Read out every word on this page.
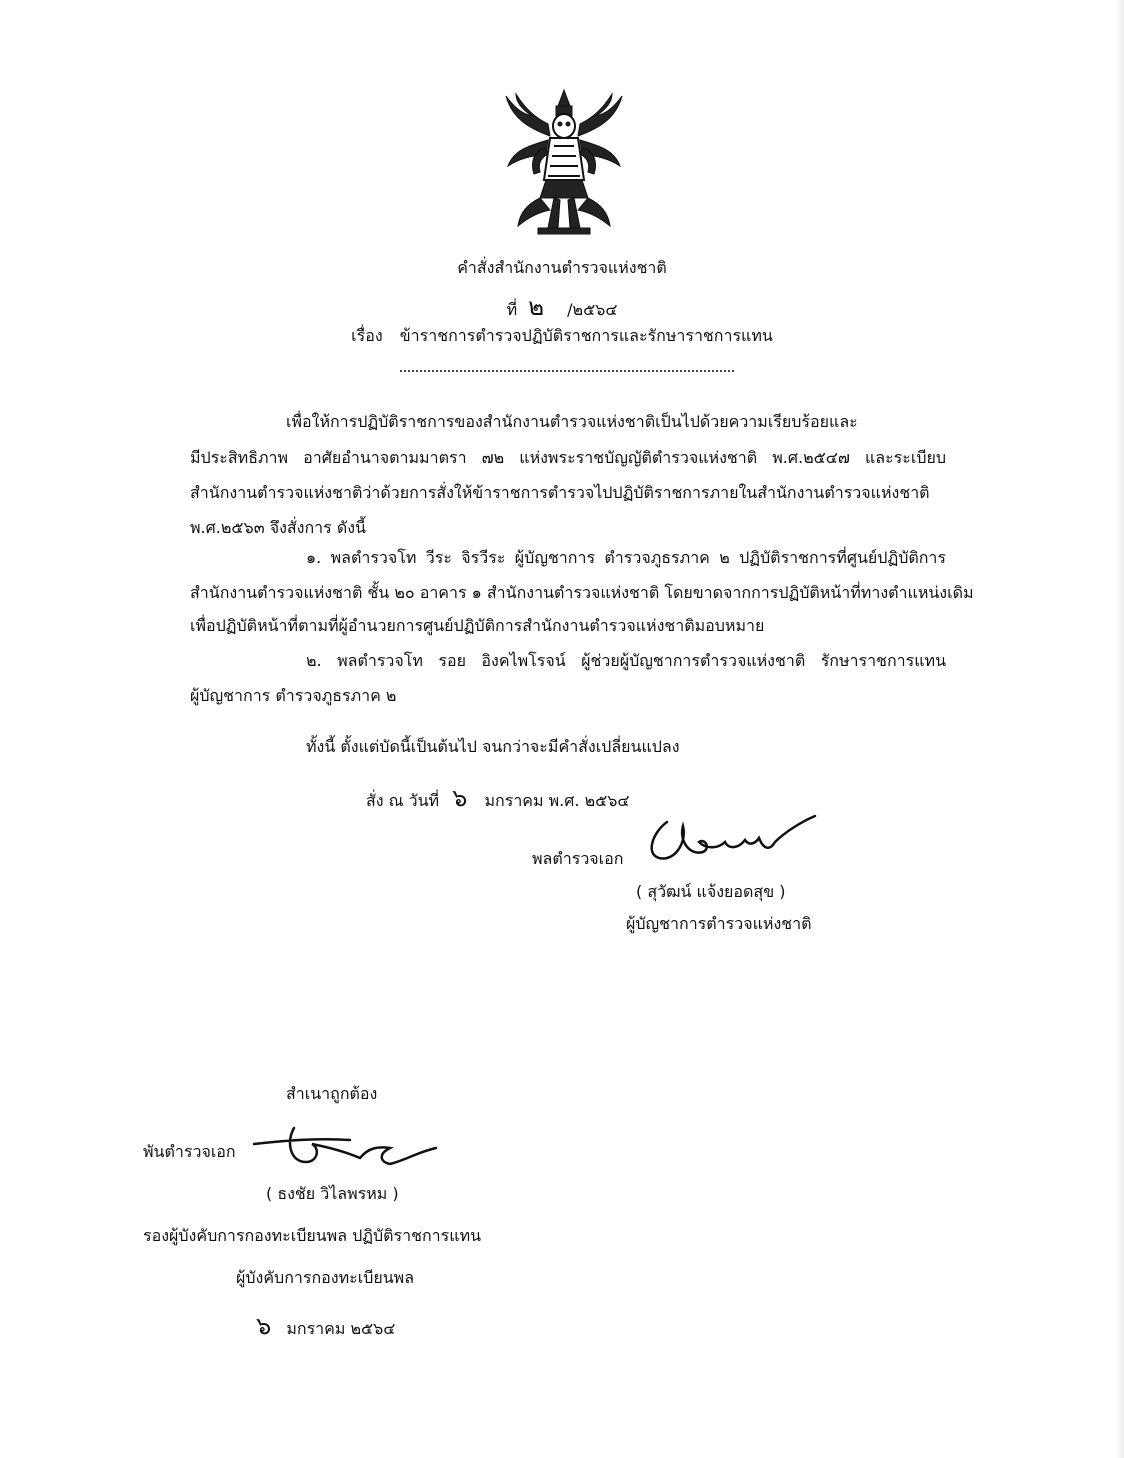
คำสั่งสำนักงานตำรวจแห่งชาติ
ที่ ๒ /๒๕๖๔
เรื่อง ข้าราชการตำรวจปฏิบัติราชการและรักษาราชการแทน
เพื่อให้การปฏิบัติราชการของสำนักงานตำรวจแห่งชาติเป็นไปด้วยความเรียบร้อยและ
มีประสิทธิภาพ อาศัยอำนาจตามมาตรา ๗๒ แห่งพระราชบัญญัติตำรวจแห่งชาติ พ.ศ.๒๕๔๗ และระเบียบ
สำนักงานตำรวจแห่งชาติว่าด้วยการสั่งให้ข้าราชการตำรวจไปปฏิบัติราชการภายในสำนักงานตำรวจแห่งชาติ
พ.ศ.๒๕๖๓ จึงสั่งการ ดังนี้
๑. พลตำรวจโท วีระ จิรวีระ ผู้บัญชาการ ตำรวจภูธรภาค ๒ ปฏิบัติราชการที่ศูนย์ปฏิบัติการ
สำนักงานตำรวจแห่งชาติ ชั้น ๒๐ อาคาร ๑ สำนักงานตำรวจแห่งชาติ โดยขาดจากการปฏิบัติหน้าที่ทางตำแหน่งเดิม
เพื่อปฏิบัติหน้าที่ตามที่ผู้อำนวยการศูนย์ปฏิบัติการสำนักงานตำรวจแห่งชาติมอบหมาย
๒. พลตำรวจโท รอย อิงคไพโรจน์ ผู้ช่วยผู้บัญชาการตำรวจแห่งชาติ รักษาราชการแทน
ผู้บัญชาการ ตำรวจภูธรภาค ๒
ทั้งนี้ ตั้งแต่บัดนี้เป็นต้นไป จนกว่าจะมีคำสั่งเปลี่ยนแปลง
สั่ง ณ วันที่ ๖ มกราคม พ.ศ. ๒๕๖๔
พลตำรวจเอก
( สุวัฒน์ แจ้งยอดสุข )
ผู้บัญชาการตำรวจแห่งชาติ
สำเนาถูกต้อง
พันตำรวจเอก
( ธงชัย วิไลพรหม )
รองผู้บังคับการกองทะเบียนพล ปฏิบัติราชการแทน
ผู้บังคับการกองทะเบียนพล
๖ มกราคม ๒๕๖๔
